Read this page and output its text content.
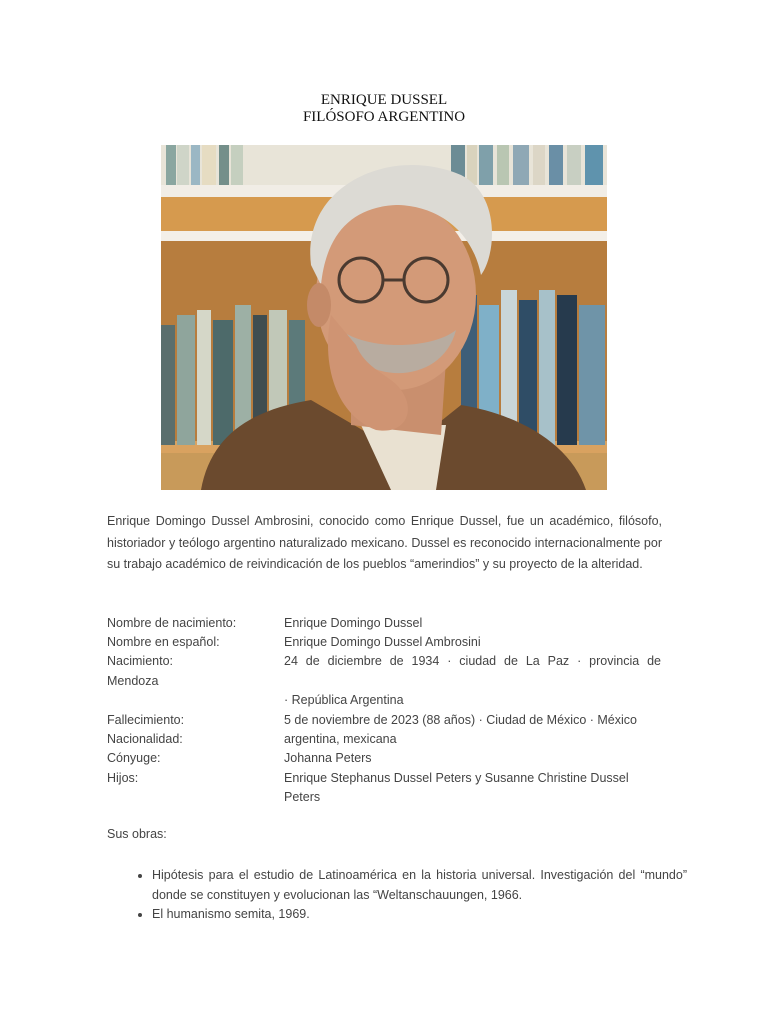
ENRIQUE DUSSEL
FILÓSOFO ARGENTINO
Enrique Domingo Dussel Ambrosini, conocido como Enrique Dussel, fue un académico, filósofo, historiador y teólogo argentino naturalizado mexicano. Dussel es reconocido internacionalmente por su trabajo académico de reivindicación de los pueblos “amerindios” y su proyecto de la alteridad.
Nombre de nacimiento:	Enrique Domingo Dussel
Nombre en español:	Enrique Domingo Dussel Ambrosini
Nacimiento:	24 de diciembre de 1934 · ciudad de La Paz · provincia de
Mendoza
· República Argentina
Fallecimiento:	5 de noviembre de 2023 (88 años) · Ciudad de México · México
Nacionalidad:	argentina, mexicana
Cónyuge:	Johanna Peters
Hijos:	Enrique Stephanus Dussel Peters y Susanne Christine Dussel
Peters
Sus obras:
• Hipótesis para el estudio de Latinoamérica en la historia universal. Investigación del “mundo” donde se constituyen y evolucionan las “Weltanschauungen, 1966.
• El humanismo semita, 1969.
